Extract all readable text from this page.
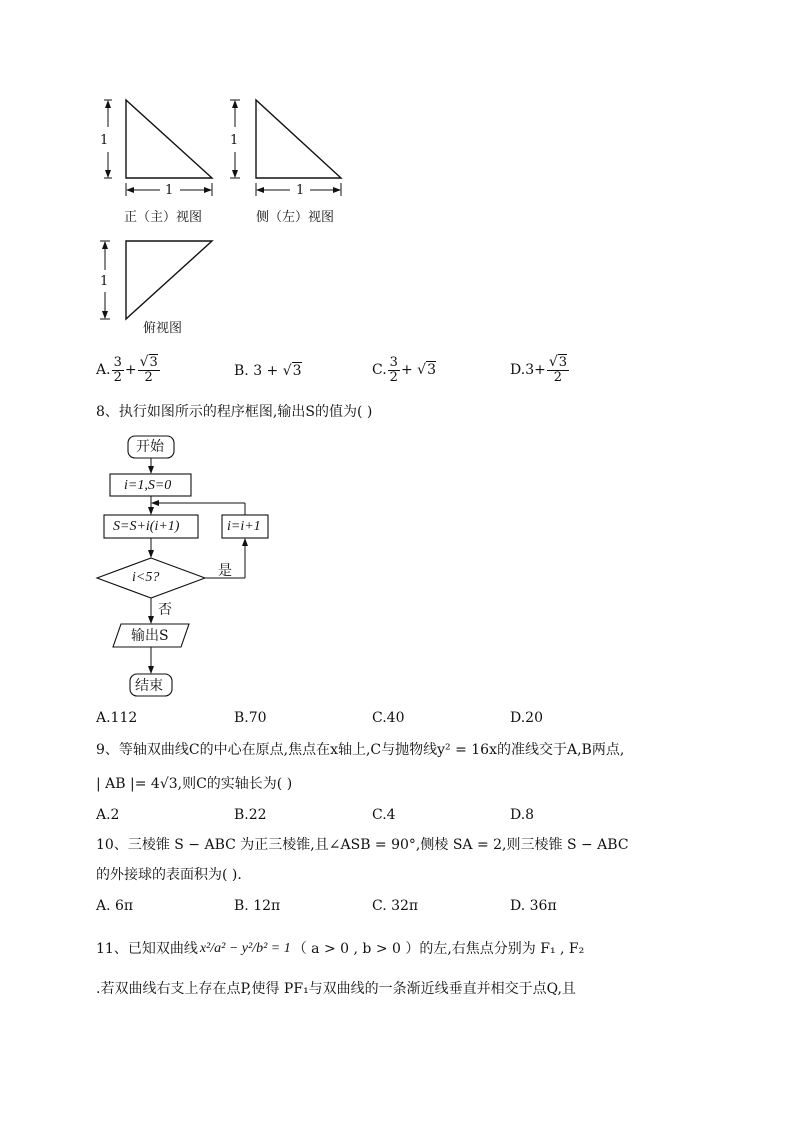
1
1
1
1
1
正（主）视图	侧（左）视图
俯视图
A. $\frac{3}{2} + \frac{√3}{2}$	B. 3 + √3	C. $\frac{3}{2} + √3$	D. $3+ \frac{√3}{2}$
8、执行如图所示的程序框图,输出S的值为( )
开始
i=1,S=0
S=S+i(i+1)	i=i+1
i<5?	是
否
输出S
结束
A.112	B.70	C.40	D.20
9、等轴双曲线C的中心在原点,焦点在x轴上,C与抛物线y² = 16x的准线交于A,B两点,
| AB |= 4√3,则C的实轴长为( )
A.2	B.22	C.4	D.8
10、三棱锥 S − ABC 为正三棱锥,且∠ASB = 90°,侧棱 SA = 2,则三棱锥 S − ABC
的外接球的表面积为( ).
A. 6π	B. 12π	C. 32π	D. 36π
11、已知双曲线 x²/a² − y²/b² = 1 （ a > 0 , b > 0 ）的左,右焦点分别为 F₁ , F₂
.若双曲线右支上存在点P,使得 PF₁与双曲线的一条渐近线垂直并相交于点Q,且
